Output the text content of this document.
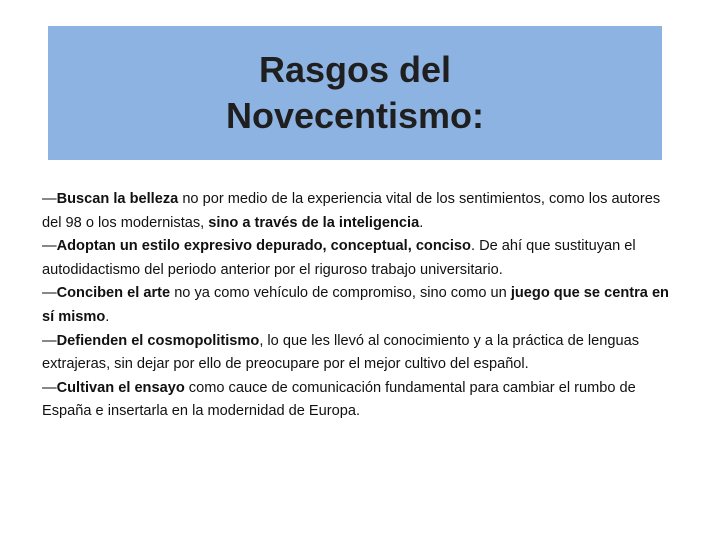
Rasgos del
Novecentismo:

—Buscan la belleza no por medio de la experiencia vital de los sentimientos, como los autores del 98 o los modernistas, sino a través de la inteligencia.

—Adoptan un estilo expresivo depurado, conceptual, conciso. De ahí que sustituyan el autodidactismo del periodo anterior por el riguroso trabajo universitario.

—Conciben el arte no ya como vehículo de compromiso, sino como un juego que se centra en sí mismo.

—Defienden el cosmopolitismo, lo que les llevó al conocimiento y a la práctica de lenguas extrajeras, sin dejar por ello de preocupare por el mejor cultivo del español.

—Cultivan el ensayo como cauce de comunicación fundamental para cambiar el rumbo de España e insertarla en la modernidad de Europa.
